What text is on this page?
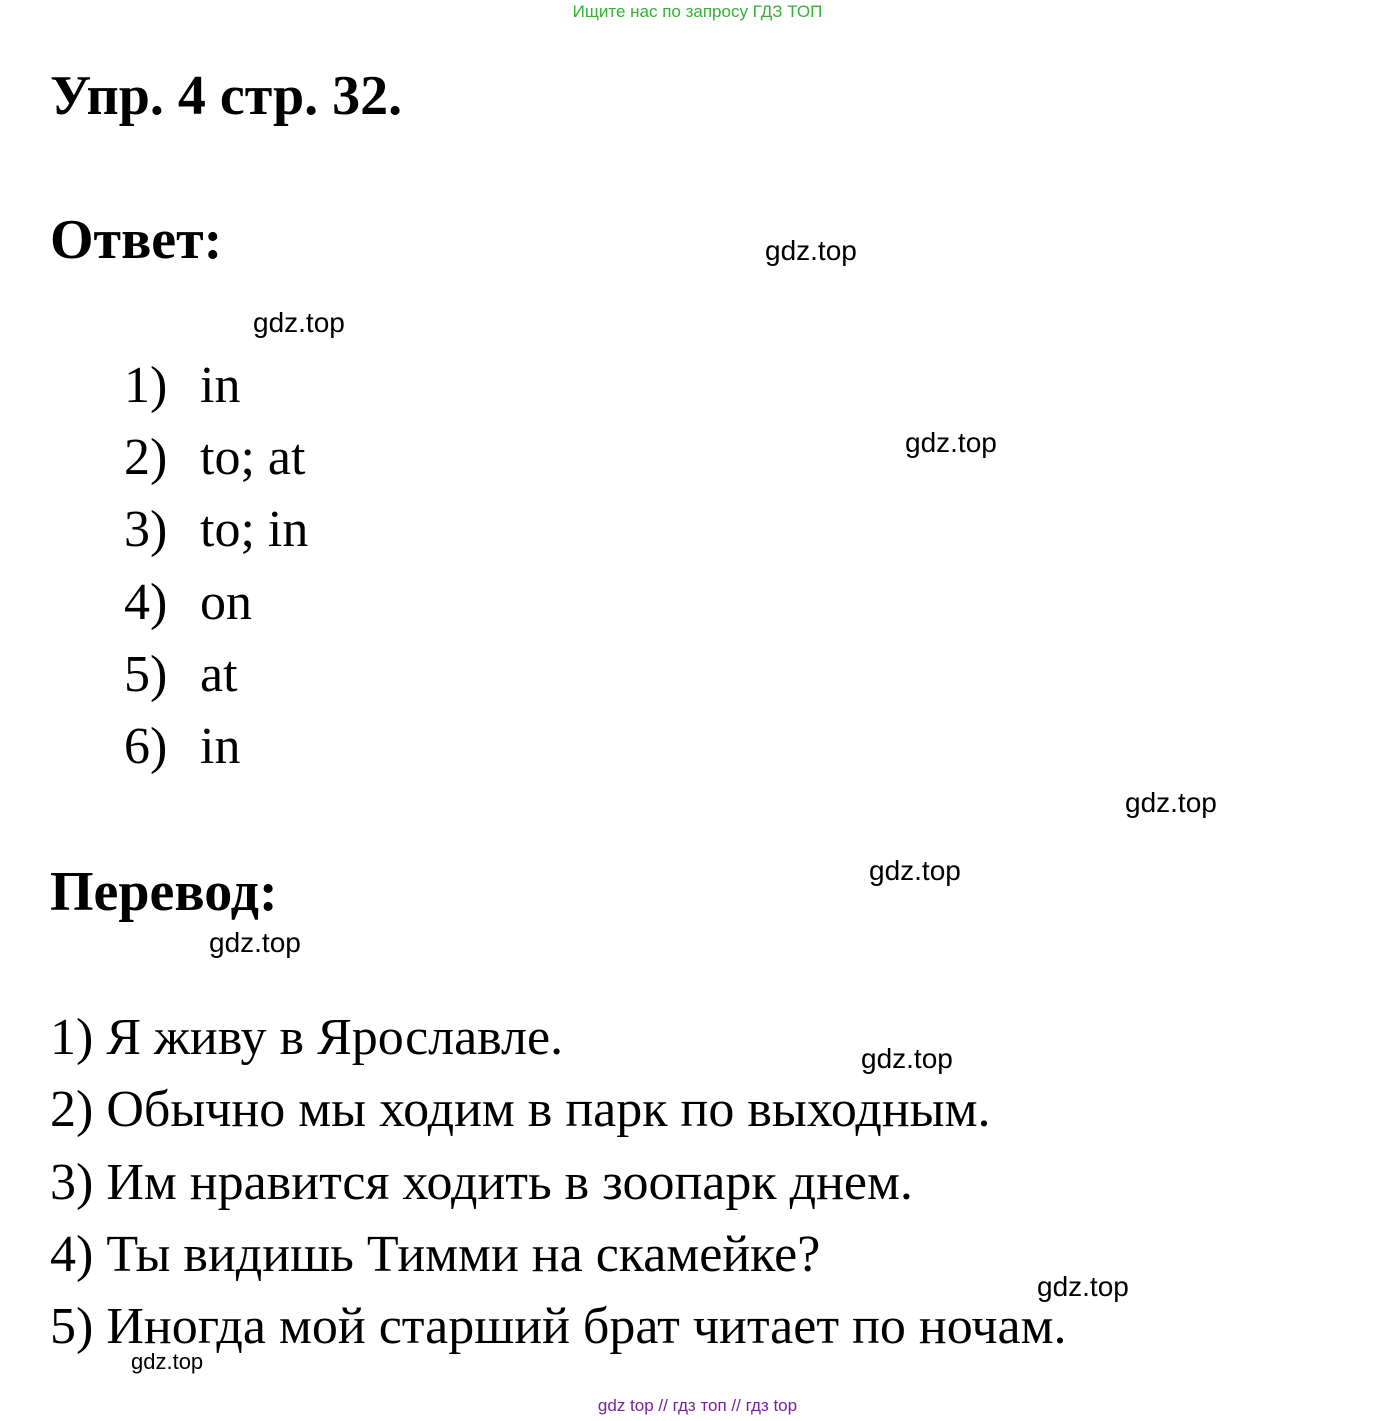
Ищите нас по запросу ГДЗ ТОП
Упр. 4 стр. 32.
Ответ:
1) in
2) to; at
3) to; in
4) on
5) at
6) in
Перевод:
1) Я живу в Ярославле.
2) Обычно мы ходим в парк по выходным.
3) Им нравится ходить в зоопарк днем.
4) Ты видишь Тимми на скамейке?
5) Иногда мой старший брат читает по ночам.
gdz.top
gdz.top
gdz.top
gdz.top
gdz.top
gdz.top
gdz.top
gdz.top
gdz.top
gdz top // гдз топ // гдз top
